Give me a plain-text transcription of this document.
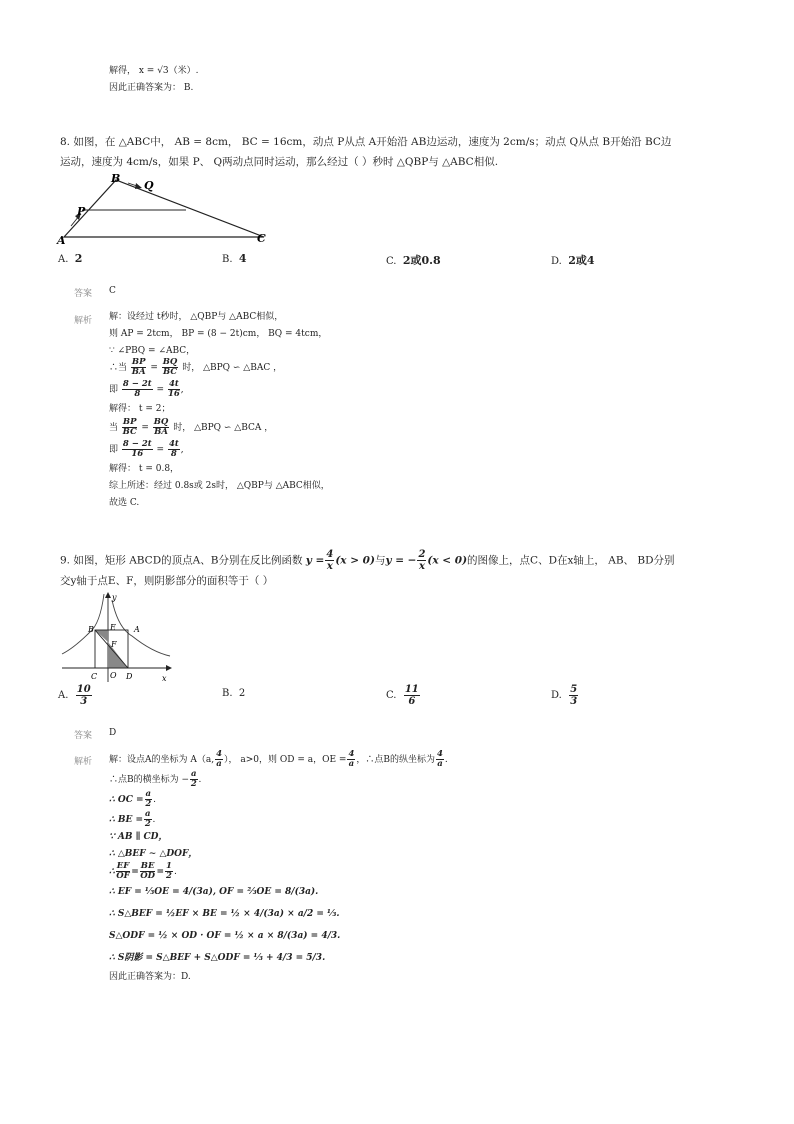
解得， x = √3（米）.
因此正确答案为： B.
8. 如图，在 △ABC中， AB = 8cm， BC = 16cm，动点 P从点 A开始沿 AB边运动，速度为 2cm/s；动点 Q从点 B开始沿 BC边
运动，速度为 4cm/s，如果 P、 Q两动点同时运动，那么经过（ ）秒时 △QBP与 △ABC相似.
B
Q
P
A	C
A. 2	B. 4	C. 2或0.8	D. 2或4
答案 C
解析 解：设经过 t秒时， △QBP与 △ABC相似，
则 AP = 2tcm， BP = (8 − 2t)cm， BQ = 4tcm，
∵ ∠PBQ = ∠ABC，
∴当 $\frac{BP}{BA} = \frac{BQ}{BC}$ 时， △BPQ ∽ △BAC ，
即 $\frac{8 - 2t}{8} = \frac{4t}{16}$ ,
解得： t = 2；
当 $\frac{BP}{BC} = \frac{BQ}{BA}$ 时， △BPQ ∽ △BCA ，
即 $\frac{8 - 2t}{16} = \frac{4t}{8}$ ,
解得： t = 0.8，
综上所述：经过 0.8s或 2s时， △QBP与 △ABC相似，
故选 C.
9. 如图，矩形 ABCD的顶点A、B分别在反比例函数 $y = \frac{4}{x} (x > 0)$与y = − $\frac{2}{x} (x < 0)$的图像上，点C、D在x轴上， AB、 BD分别
交y轴于点E、F，则阴影部分的面积等于（ ）
y
B E A
F
C O D	x
A. $\frac{10}{3}$	B. 2	C. $\frac{11}{6}$	D. $\frac{5}{3}$
答案 D
解析 解：设点A的坐标为 A（a, $\frac{4}{a}$ ）， a>0，则 OD = a，OE = $\frac{4}{a}$ ，∴点B的纵坐标为 $\frac{4}{a}$ .
∴点B的横坐标为 − $\frac{a}{2}$ .
∴ OC = $\frac{a}{2}$ .
∴ BE = $\frac{a}{2}$ .
∵ AB ∥ CD，
∴ △BEF ∼ △DOF，
∴ $\frac{EF}{OF} = \frac{BE}{OD} = \frac{1}{2}$ .
∴ EF = ⅓OE = 4/(3a), OF = ⅔OE = 8/(3a).
∴ S△BEF = ½EF × BE = ½ × 4/(3a) × a/2 = ⅓.
S△ODF = ½ × OD · OF = ½ × a × 8/(3a) = 4/3.
∴ S阴影 = S△BEF + S△ODF = ⅓ + 4/3 = 5/3.
因此正确答案为：D.
